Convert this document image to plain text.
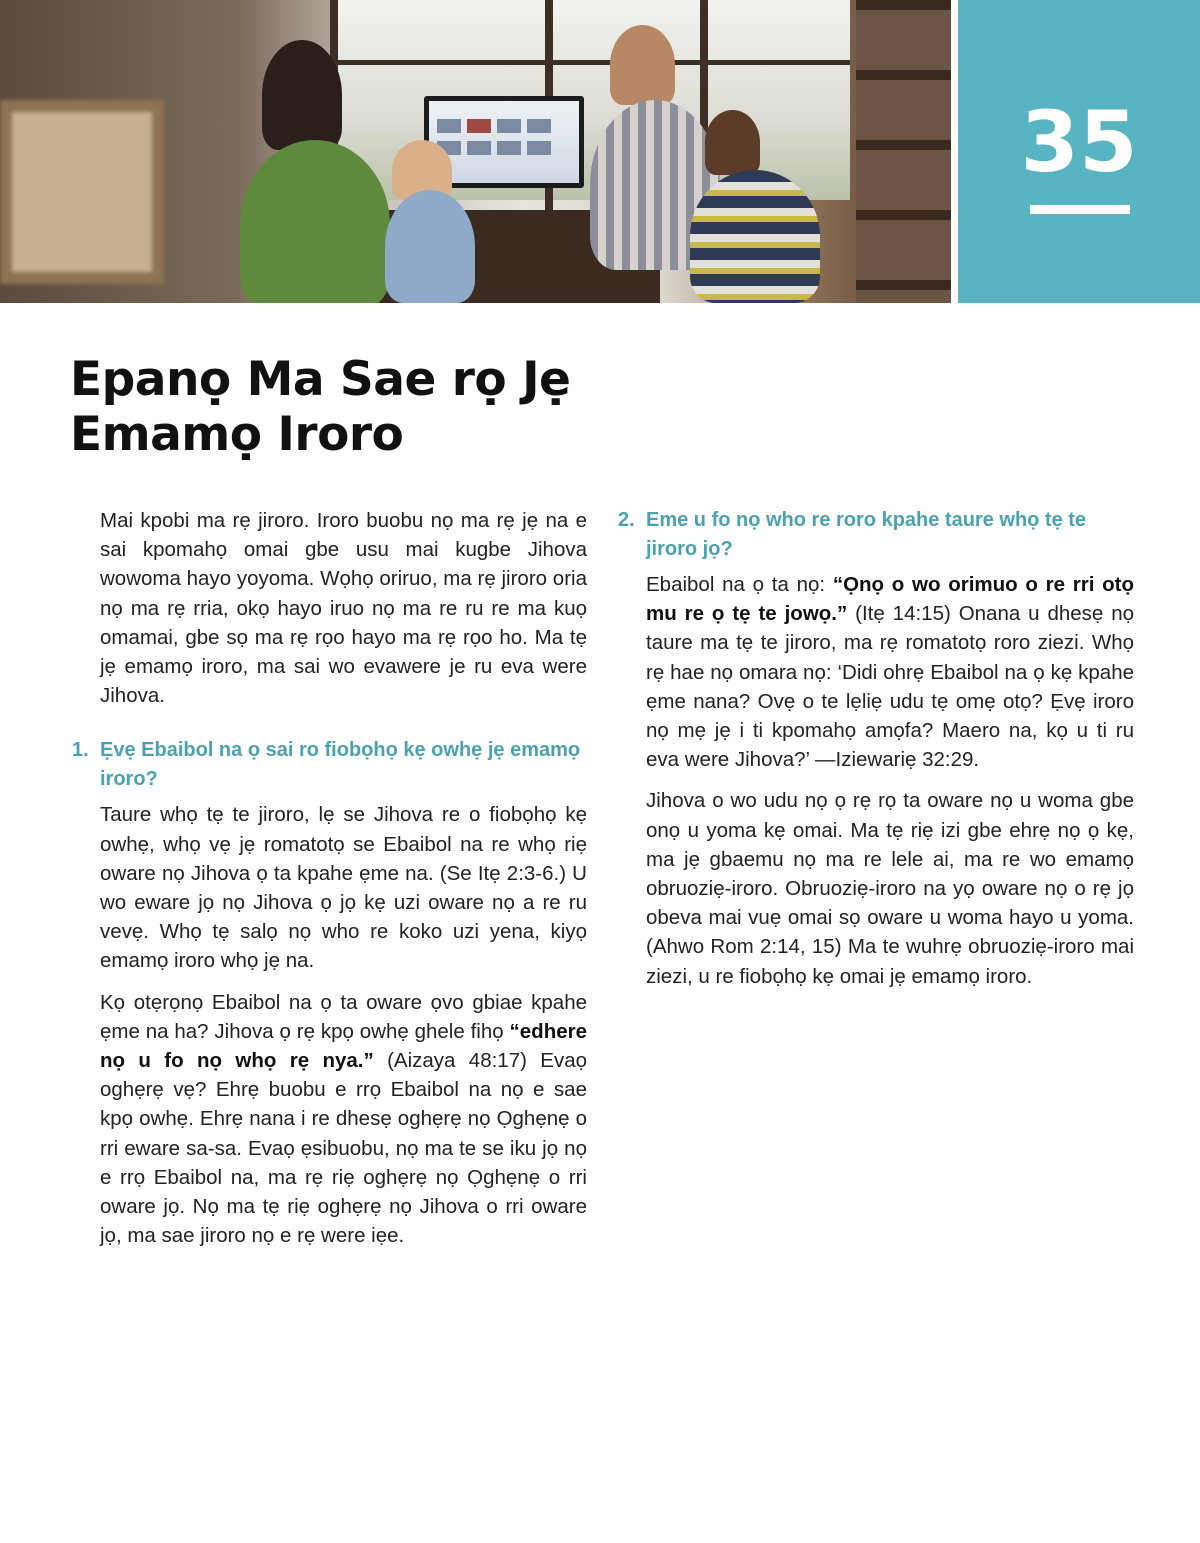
35
Epanọ Ma Sae rọ Jẹ
Emamọ Iroro

Mai kpobi ma rẹ jiroro. Iroro buobu nọ ma rẹ jẹ na e sai kpomahọ omai gbe usu mai kugbe Jihova wowoma hayo yoyoma. Wọhọ oriruo, ma rẹ jiroro oria nọ ma rẹ rria, okọ hayo iruo nọ ma re ru re ma kuọ omamai, gbe sọ ma rẹ rọo hayo ma rẹ rọo ho. Ma tẹ jẹ emamọ iroro, ma sai wo evawere je ru eva were Jihova.

1. Ẹvẹ Ebaibol na ọ sai ro fiobọhọ kẹ owhẹ jẹ emamọ iroro?

Taure whọ tẹ te jiroro, lẹ se Jihova re o fiobọhọ kẹ owhẹ, whọ vẹ jẹ romatotọ se Ebaibol na re whọ riẹ oware nọ Jihova ọ ta kpahe ẹme na. (Se Itẹ 2:3-6.) U wo eware jọ nọ Jihova ọ jọ kẹ uzi oware nọ a re ru vevẹ. Whọ tẹ salọ nọ who re koko uzi yena, kiyọ emamọ iroro whọ jẹ na.

Kọ otẹrọnọ Ebaibol na ọ ta oware ọvo gbiae kpahe ẹme na ha? Jihova ọ rẹ kpọ owhẹ ghele fihọ “edhere nọ u fo nọ whọ rẹ nya.” (Aizaya 48:17) Evaọ oghẹrẹ vẹ? Ehrẹ buobu e rrọ Ebaibol na nọ e sae kpọ owhẹ. Ehrẹ nana i re dhesẹ oghẹrẹ nọ Ọghẹnẹ o rri eware sa-sa. Evaọ ẹsibuobu, nọ ma te se iku jọ nọ e rrọ Ebaibol na, ma rẹ riẹ oghẹrẹ nọ Ọghẹnẹ o rri oware jọ. Nọ ma tẹ riẹ oghẹrẹ nọ Jihova o rri oware jọ, ma sae jiroro nọ e rẹ were iẹe.

2. Eme u fo nọ who re roro kpahe taure whọ tẹ te jiroro jọ?

Ebaibol na ọ ta nọ: “Ọnọ o wo orimuo o re rri otọ mu re ọ tẹ te jowọ.” (Itẹ 14:15) Onana u dhesẹ nọ taure ma tẹ te jiroro, ma rẹ romatotọ roro ziezi. Whọ rẹ hae nọ omara nọ: ‘Didi ohrẹ Ebaibol na ọ kẹ kpahe ẹme nana? Ovẹ o te lẹliẹ udu tẹ omẹ otọ? Ẹvẹ iroro nọ mẹ jẹ i ti kpomahọ amọfa? Maero na, kọ u ti ru eva were Jihova?’ —Iziewariẹ 32:29.

Jihova o wo udu nọ ọ rẹ rọ ta oware nọ u woma gbe onọ u yoma kẹ omai. Ma tẹ riẹ izi gbe ehrẹ nọ ọ kẹ, ma jẹ gbaemu nọ ma re lele ai, ma re wo emamọ obruoziẹ-iroro. Obruoziẹ-iroro na yọ oware nọ o rẹ jọ obeva mai vuẹ omai sọ oware u woma hayo u yoma. (Ahwo Rom 2:14, 15) Ma te wuhrẹ obruoziẹ-iroro mai ziezi, u re fiobọhọ kẹ omai jẹ emamọ iroro.
